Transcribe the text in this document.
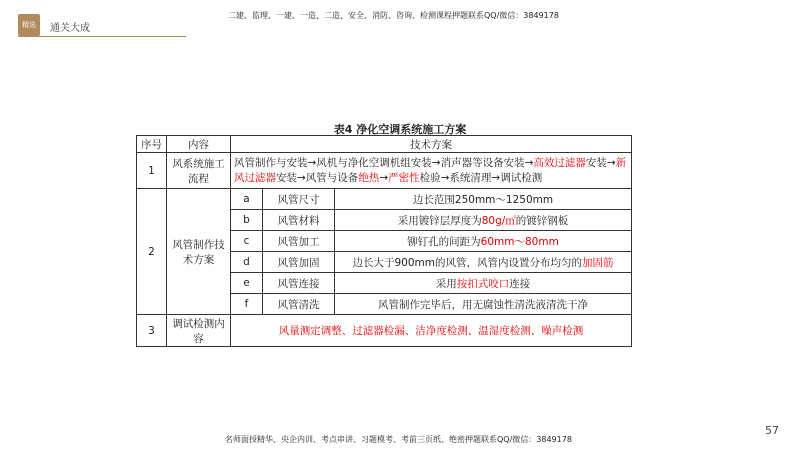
精选	通关大成
二建、监理、一建、一造、二造、安全、消防、咨询、检测课程押题联系QQ/微信：3849178
表4 净化空调系统施工方案
序号	内容	技术方案		
1	风系统施工流程	风管制作与安装→风机与净化空调机组安装→消声器等设备安装→高效过滤器安装→新风过滤器安装→风管与设备绝热→严密性检验→系统清理→调试检测		
2	风管制作技术方案	a	风管尺寸	边长范围250mm～1250mm
		b	风管材料	采用镀锌层厚度为80g/㎡的镀锌钢板
		c	风管加工	铆钉孔的间距为60mm～80mm
		d	风管加固	边长大于900mm的风管，风管内设置分布均匀的加固筋
		e	风管连接	采用按扣式咬口连接
		f	风管清洗	风管制作完毕后，用无腐蚀性清洗液清洗干净
3	调试检测内容	风量测定调整、过滤器检漏、洁净度检测、温湿度检测、噪声检测		
57
名师面授精华、央企内训、考点串讲、习题模考、考前三页纸、绝密押题联系QQ/微信：3849178
